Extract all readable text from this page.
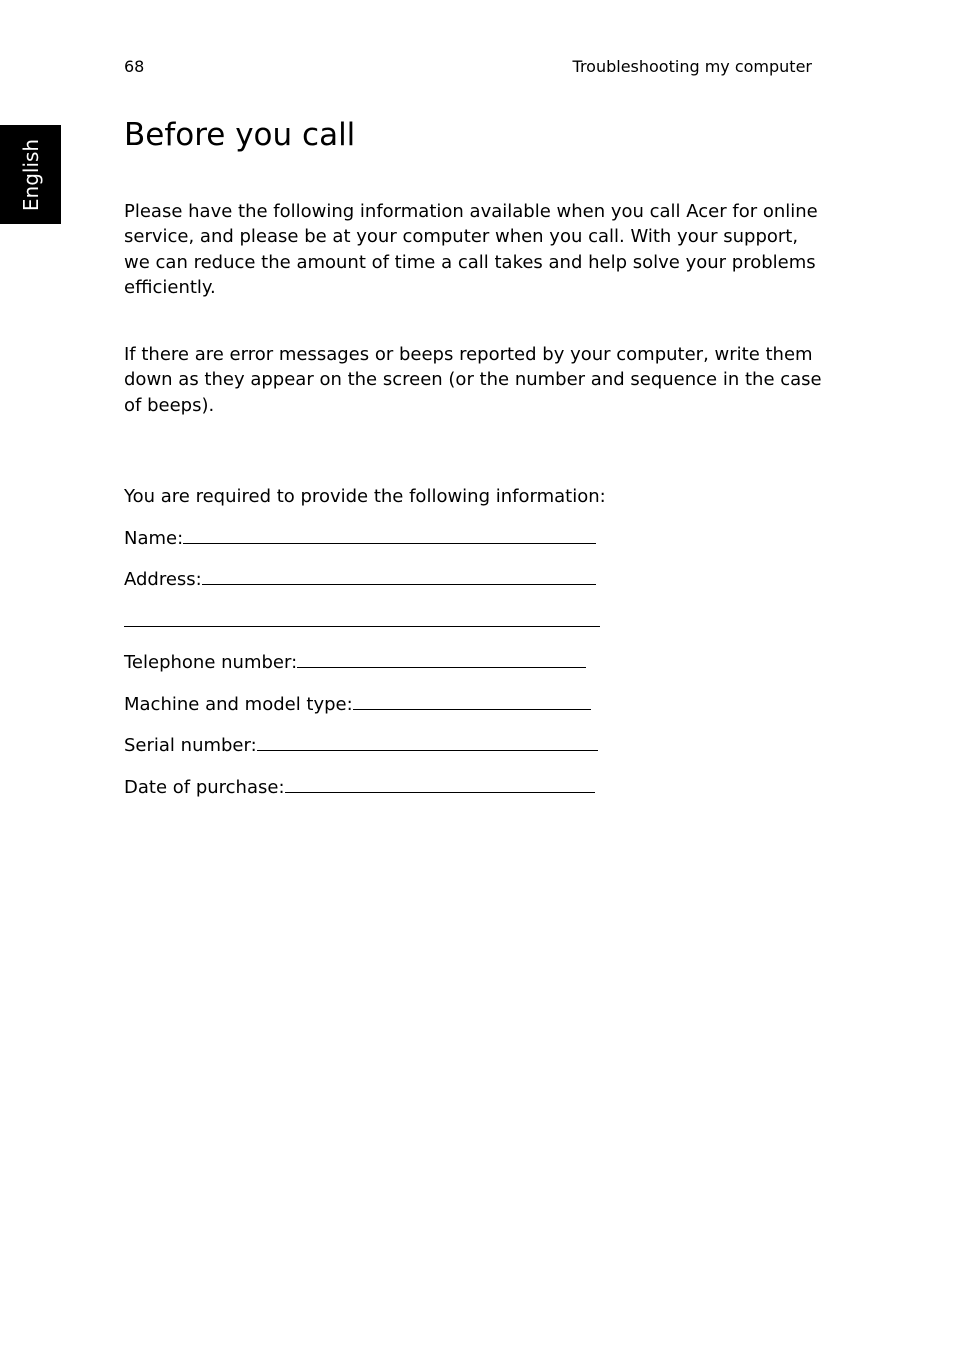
68	Troubleshooting my computer
English
Before you call

Please have the following information available when you call Acer for online service, and please be at your computer when you call. With your support, we can reduce the amount of time a call takes and help solve your problems efficiently.

If there are error messages or beeps reported by your computer, write them down as they appear on the screen (or the number and sequence in the case of beeps).

You are required to provide the following information:

Name:
Address:
Telephone number:
Machine and model type:
Serial number:
Date of purchase:
